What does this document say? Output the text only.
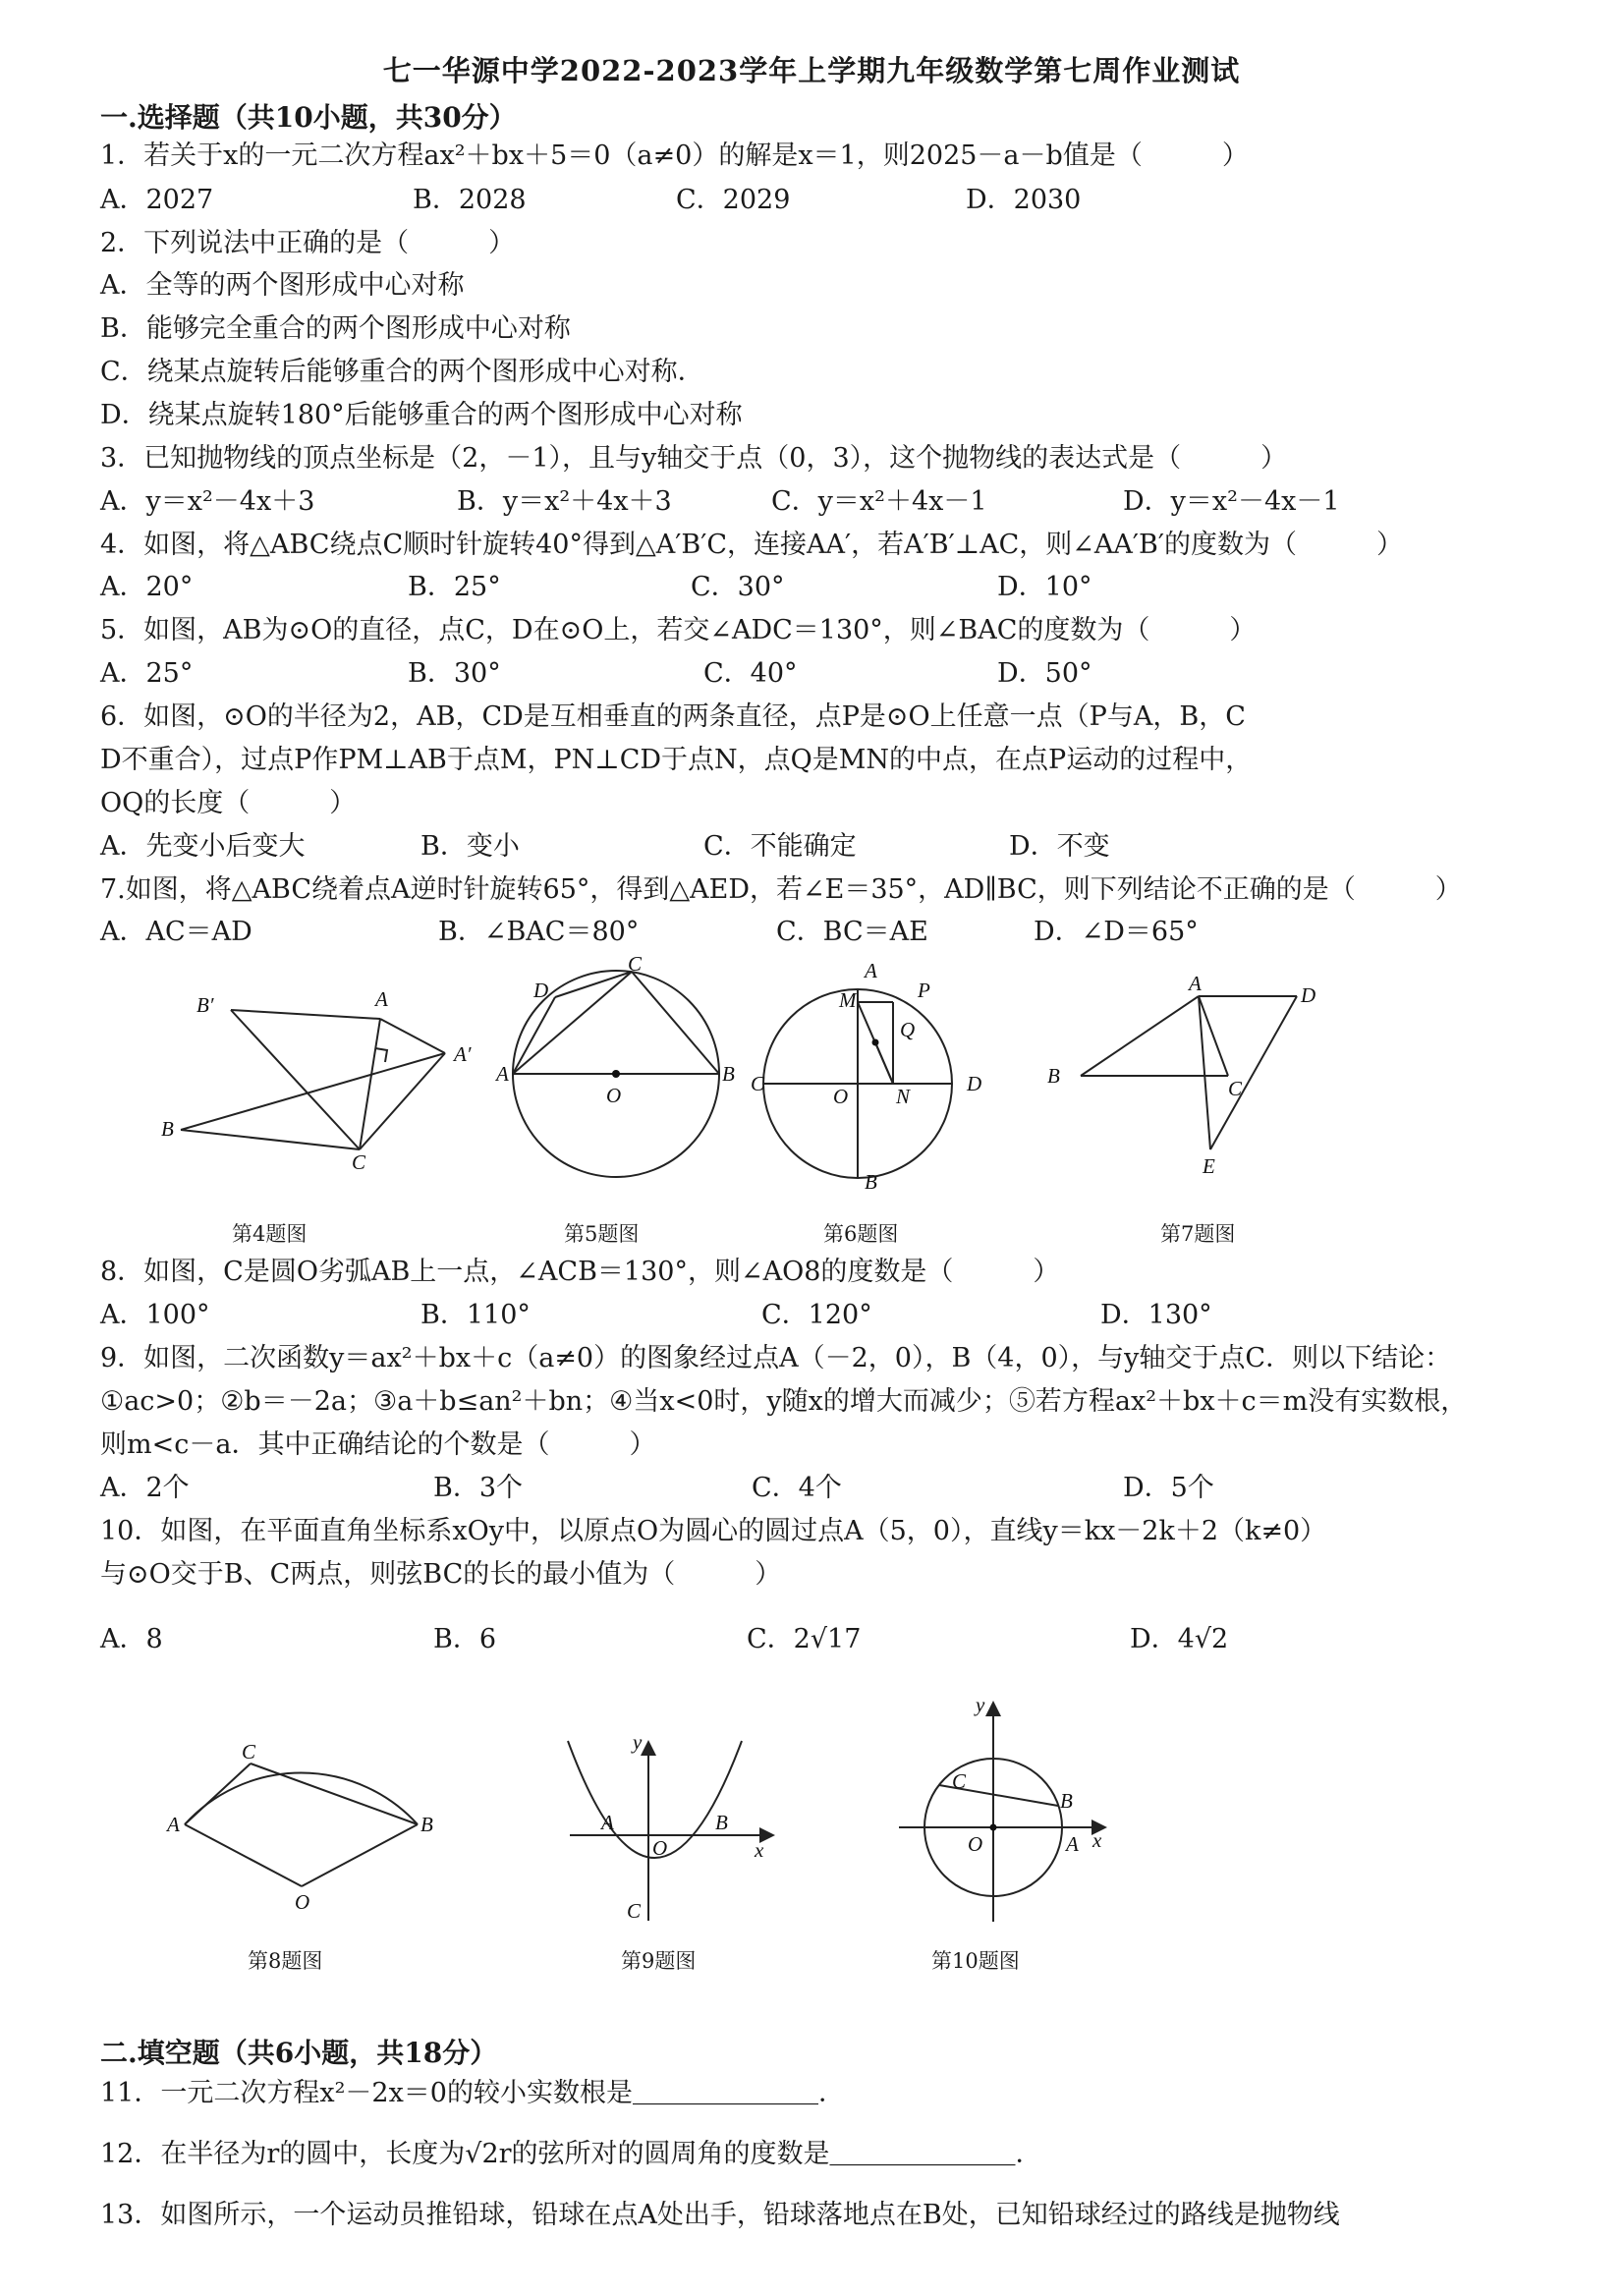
七一华源中学2022-2023学年上学期九年级数学第七周作业测试
一.选择题（共10小题，共30分）
1．若关于x的一元二次方程ax²＋bx＋5＝0（a≠0）的解是x＝1，则2025－a－b值是（　　　）
A．2027	B．2028	C．2029	D．2030
2．下列说法中正确的是（　　　）
A．全等的两个图形成中心对称
B．能够完全重合的两个图形成中心对称
C．绕某点旋转后能够重合的两个图形成中心对称．
D．绕某点旋转180°后能够重合的两个图形成中心对称
3．已知抛物线的顶点坐标是（2，－1），且与y轴交于点（0，3），这个抛物线的表达式是（　　　）
A．y＝x²－4x＋3	B．y＝x²＋4x＋3	C．y＝x²＋4x－1	D．y＝x²－4x－1
4．如图，将△ABC绕点C顺时针旋转40°得到△A′B′C，连接AA′，若A′B′⊥AC，则∠AA′B′的度数为（　　　）
A．20°	B．25°	C．30°	D．10°
5．如图，AB为⊙O的直径，点C，D在⊙O上，若交∠ADC＝130°，则∠BAC的度数为（　　　）
A．25°	B．30°	C．40°	D．50°
6．如图，⊙O的半径为2，AB，CD是互相垂直的两条直径，点P是⊙O上任意一点（P与A，B，C
D不重合），过点P作PM⊥AB于点M，PN⊥CD于点N，点Q是MN的中点，在点P运动的过程中，
OQ的长度（　　　）
A．先变小后变大	B．变小	C．不能确定	D．不变
7.如图，将△ABC绕着点A逆时针旋转65°，得到△AED，若∠E＝35°，AD∥BC，则下列结论不正确的是（　　　）
A．AC＝AD	B．∠BAC＝80°	C．BC＝AE	D．∠D＝65°
B′	A
A′
B
C
第4题图
C
D
A
O
B
第5题图
A
P
M
Q
C
O N
D
B
第6题图
A	D
B
C
E
第7题图
8．如图，C是圆O劣弧AB上一点，∠ACB＝130°，则∠AO8的度数是（　　　）
A．100°	B．110°	C．120°	D．130°
9．如图，二次函数y＝ax²＋bx＋c（a≠0）的图象经过点A（－2，0），B（4，0），与y轴交于点C．则以下结论：
①ac>0；②b＝－2a；③a＋b≤an²＋bn；④当x<0时，y随x的增大而减少；⑤若方程ax²＋bx＋c＝m没有实数根，
则m<c－a．其中正确结论的个数是（　　　）
A．2个	B．3个	C．4个	D．5个
10．如图，在平面直角坐标系xOy中，以原点O为圆心的圆过点A（5，0），直线y＝kx－2k＋2（k≠0）
与⊙O交于B、C两点，则弦BC的长的最小值为（　　　）
A．8	B．6	C．2√17	D．4√2
C
A	B
O
第8题图
y
A
O
B
x
C
第9题图
y
C
B
O	A x
第10题图
二.填空题（共6小题，共18分）
11．一元二次方程x²－2x＝0的较小实数根是＿＿＿＿＿＿＿．
12．在半径为r的圆中，长度为√2r的弦所对的圆周角的度数是＿＿＿＿＿＿＿．
13．如图所示，一个运动员推铅球，铅球在点A处出手，铅球落地点在B处，已知铅球经过的路线是抛物线
